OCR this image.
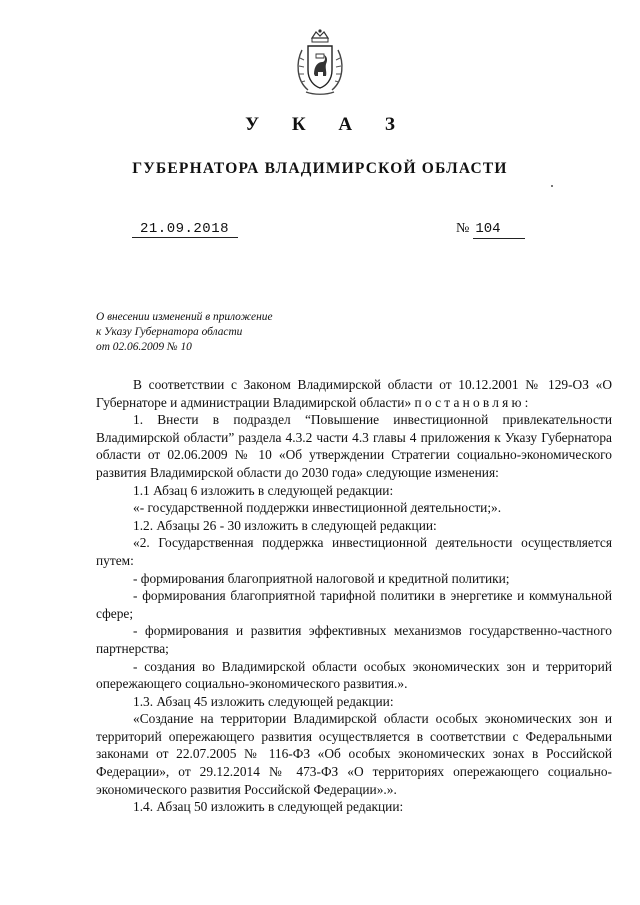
У К А З
ГУБЕРНАТОРА ВЛАДИМИРСКОЙ ОБЛАСТИ
21.09.2018	№ 104
О внесении изменений в приложение
к Указу Губернатора области
от 02.06.2009 № 10

В соответствии с Законом Владимирской области от 10.12.2001 № 129-ОЗ «О Губернаторе и администрации Владимирской области» постановляю:

1. Внести в подраздел “Повышение инвестиционной привлекательности Владимирской области” раздела 4.3.2 части 4.3 главы 4 приложения к Указу Губернатора области от 02.06.2009 № 10 «Об утверждении Стратегии социально-экономического развития Владимирской области до 2030 года» следующие изменения:

1.1 Абзац 6 изложить в следующей редакции:

«- государственной поддержки инвестиционной деятельности;».

1.2. Абзацы 26 - 30 изложить в следующей редакции:

«2. Государственная поддержка инвестиционной деятельности осуществляется путем:

- формирования благоприятной налоговой и кредитной политики;

- формирования благоприятной тарифной политики в энергетике и коммунальной сфере;

- формирования и развития эффективных механизмов государственно-частного партнерства;

- создания во Владимирской области особых экономических зон и территорий опережающего социально-экономического развития.».

1.3. Абзац 45 изложить следующей редакции:

«Создание на территории Владимирской области особых экономических зон и территорий опережающего развития осуществляется в соответствии с Федеральными законами от 22.07.2005 № 116-ФЗ «Об особых экономических зонах в Российской Федерации», от 29.12.2014 № 473-ФЗ «О территориях опережающего социально-экономического развития Российской Федерации».».

1.4. Абзац 50 изложить в следующей редакции:
